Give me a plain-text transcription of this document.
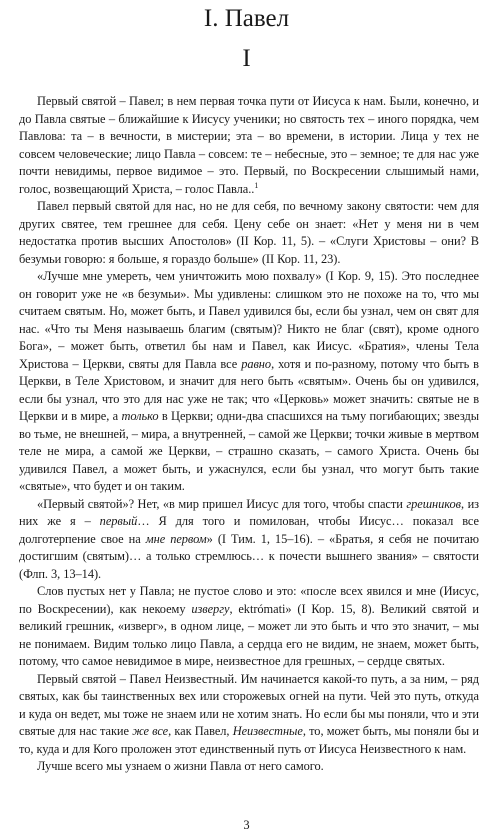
I. Павел
I

Первый святой – Павел; в нем первая точка пути от Иисуса к нам. Были, конечно, и до Павла святые – ближайшие к Иисусу ученики; но святость тех – иного порядка, чем Павлова: та – в вечности, в мистерии; эта – во времени, в истории. Лица у тех не совсем человеческие; лицо Павла – совсем: те – небесные, это – земное; те для нас уже почти невидимы, первое видимое – это. Первый, по Воскресении слышимый нами, голос, возвещающий Христа, – голос Павла..$^1$

Павел первый святой для нас, но не для себя, по вечному закону святости: чем для других святее, тем грешнее для себя. Цену себе он знает: «Нет у меня ни в чем недостатка против высших Апостолов» (II Кор. 11, 5). – «Слуги Христовы – они? В безумьи говорю: я больше, я гораздо больше» (II Кор. 11, 23).

«Лучше мне умереть, чем уничтожить мою похвалу» (I Кор. 9, 15). Это последнее он говорит уже не «в безумьи». Мы удивлены: слишком это не похоже на то, что мы считаем святым. Но, может быть, и Павел удивился бы, если бы узнал, чем он свят для нас. «Что ты Меня называешь благим (святым)? Никто не благ (свят), кроме одного Бога», – может быть, ответил бы нам и Павел, как Иисус. «Братия», члены Тела Христова – Церкви, святы для Павла все равно, хотя и по-разному, потому что быть в Церкви, в Теле Христовом, и значит для него быть «святым». Очень бы он удивился, если бы узнал, что это для нас уже не так; что «Церковь» может значить: святые не в Церкви и в мире, а только в Церкви; одни-два спасшихся на тьму погибающих; звезды во тьме, не внешней, – мира, а внутренней, – самой же Церкви; точки живые в мертвом теле не мира, а самой же Церкви, – страшно сказать, – самого Христа. Очень бы удивился Павел, а может быть, и ужаснулся, если бы узнал, что могут быть такие «святые», что будет и он таким.

«Первый святой»? Нет, «в мир пришел Иисус для того, чтобы спасти грешников, из них же я – первый… Я для того и помилован, чтобы Иисус… показал все долготерпение свое на мне первом» (I Тим. 1, 15–16). – «Братья, я себя не почитаю достигшим (святым)… а только стремлюсь… к почести вышнего звания» – святости (Флп. 3, 13–14).

Слов пустых нет у Павла; не пустое слово и это: «после всех явился и мне (Иисус, по Воскресении), как некоему извергу, ektrómati» (I Кор. 15, 8). Великий святой и великий грешник, «изверг», в одном лице, – может ли это быть и что это значит, – мы не понимаем. Видим только лицо Павла, а сердца его не видим, не знаем, может быть, потому, что самое невидимое в мире, неизвестное для грешных, – сердце святых.

Первый святой – Павел Неизвестный. Им начинается какой-то путь, а за ним, – ряд святых, как бы таинственных вех или сторожевых огней на пути. Чей это путь, откуда и куда он ведет, мы тоже не знаем или не хотим знать. Но если бы мы поняли, что и эти святые для нас такие же все, как Павел, Неизвестные, то, может быть, мы поняли бы и то, куда и для Кого проложен этот единственный путь от Иисуса Неизвестного к нам.

Лучше всего мы узнаем о жизни Павла от него самого.

3
